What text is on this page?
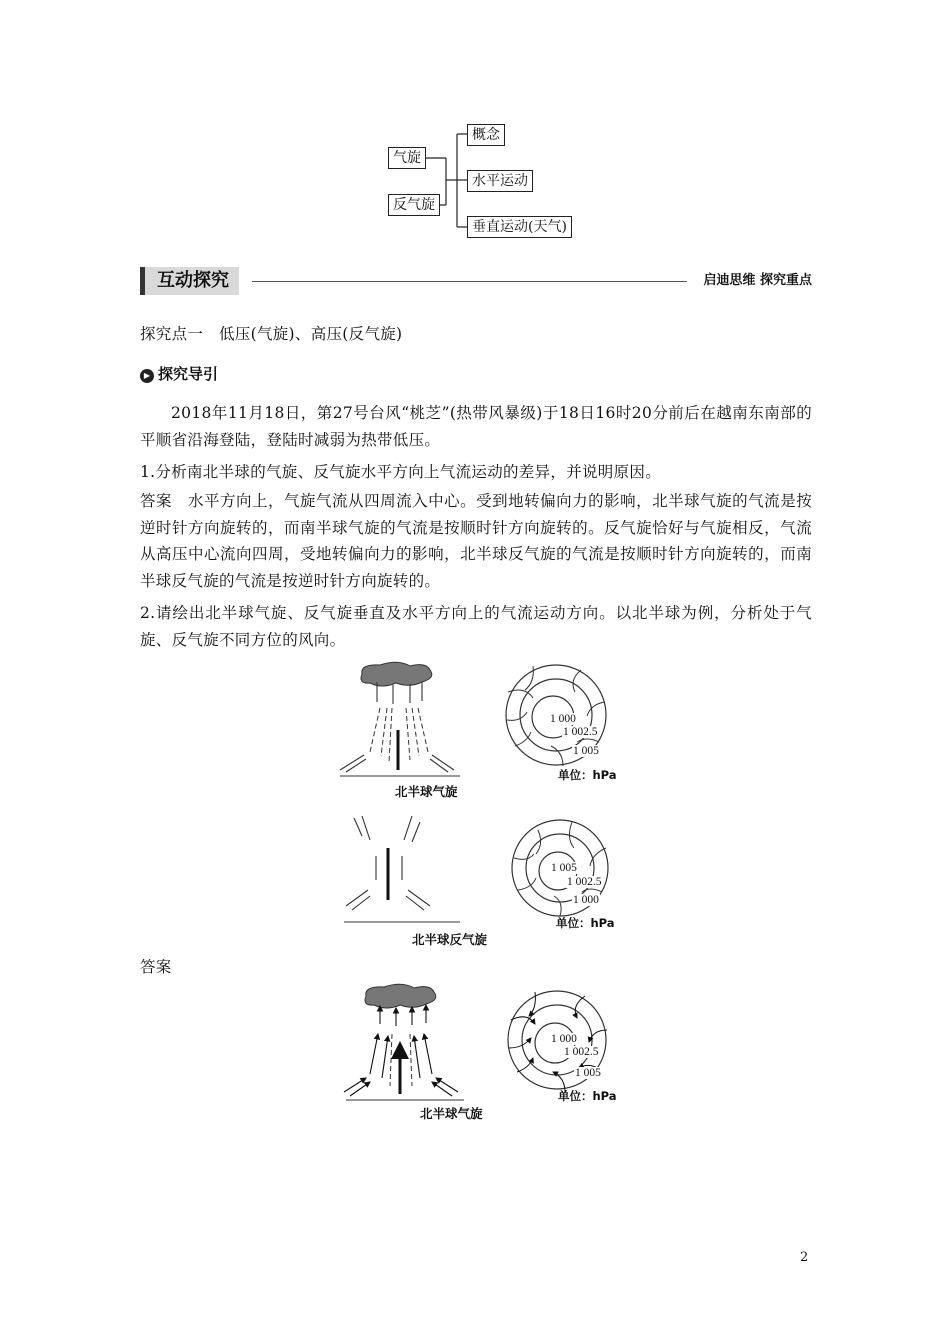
气旋
反气旋
概念
水平运动
垂直运动(天气)
互动探究	启迪思维 探究重点
探究点一　低压(气旋)、高压(反气旋)
▶ 探究导引
2018年11月18日，第27号台风“桃芝”(热带风暴级)于18日16时20分前后在越南东南部的平顺省沿海登陆，登陆时减弱为热带低压。
1.分析南北半球的气旋、反气旋水平方向上气流运动的差异，并说明原因。
答案　水平方向上，气旋气流从四周流入中心。受到地转偏向力的影响，北半球气旋的气流是按逆时针方向旋转的，而南半球气旋的气流是按顺时针方向旋转的。反气旋恰好与气旋相反，气流从高压中心流向四周，受地转偏向力的影响，北半球反气旋的气流是按顺时针方向旋转的，而南半球反气旋的气流是按逆时针方向旋转的。
2.请绘出北半球气旋、反气旋垂直及水平方向上的气流运动方向。以北半球为例，分析处于气旋、反气旋不同方位的风向。
北半球气旋
1 000
1 002.5
1 005
单位：hPa
北半球反气旋
1 005
1 002.5
1 000
单位：hPa
答案
北半球气旋
1 000
1 002.5
1 005
单位：hPa
2
